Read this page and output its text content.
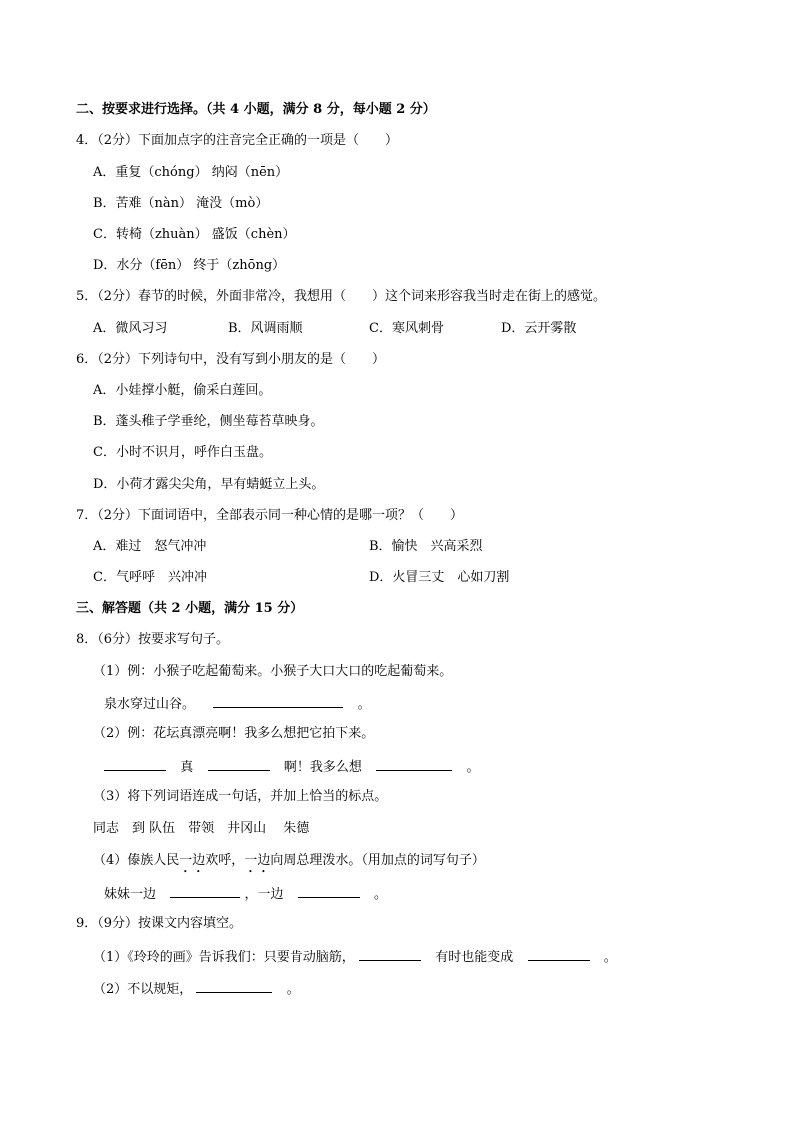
二、按要求进行选择。（共 4 小题，满分 8 分，每小题 2 分）
4．（2分）下面加点字的注音完全正确的一项是（　　）
A．重复（chóng） 纳闷（nēn）
B．苦难（nàn） 淹没（mò）
C．转椅（zhuàn） 盛饭（chèn）
D．水分（fēn） 终于（zhōng）
5．（2分）春节的时候，外面非常冷，我想用（　　）这个词来形容我当时走在街上的感觉。
A．微风习习	B．风调雨顺	C．寒风刺骨	D．云开雾散
6．（2分）下列诗句中，没有写到小朋友的是（　　）
A．小娃撑小艇，偷采白莲回。
B．蓬头稚子学垂纶，侧坐莓苔草映身。
C．小时不识月，呼作白玉盘。
D．小荷才露尖尖角，早有蜻蜓立上头。
7．（2分）下面词语中，全部表示同一种心情的是哪一项？（　　）
A．难过　怒气冲冲	B．愉快　兴高采烈
C．气呼呼　兴冲冲	D．火冒三丈　心如刀割
三、解答题（共 2 小题，满分 15 分）
8．（6分）按要求写句子。
（1）例：小猴子吃起葡萄来。小猴子大口大口的吃起葡萄来。
泉水穿过山谷。	。
（2）例：花坛真漂亮啊！我多么想把它拍下来。
真	啊！我多么想	。
（3）将下列词语连成一句话，并加上恰当的标点。
同志　到 队伍　带领　井冈山　 朱德
（4）傣族人民一边欢呼，一边向周总理泼水。（用加点的词写句子）
妹妹一边	，一边	。
9．（9分）按课文内容填空。
（1）《玲玲的画》告诉我们：只要肯动脑筋，	有时也能变成	。
（2）不以规矩，	。
